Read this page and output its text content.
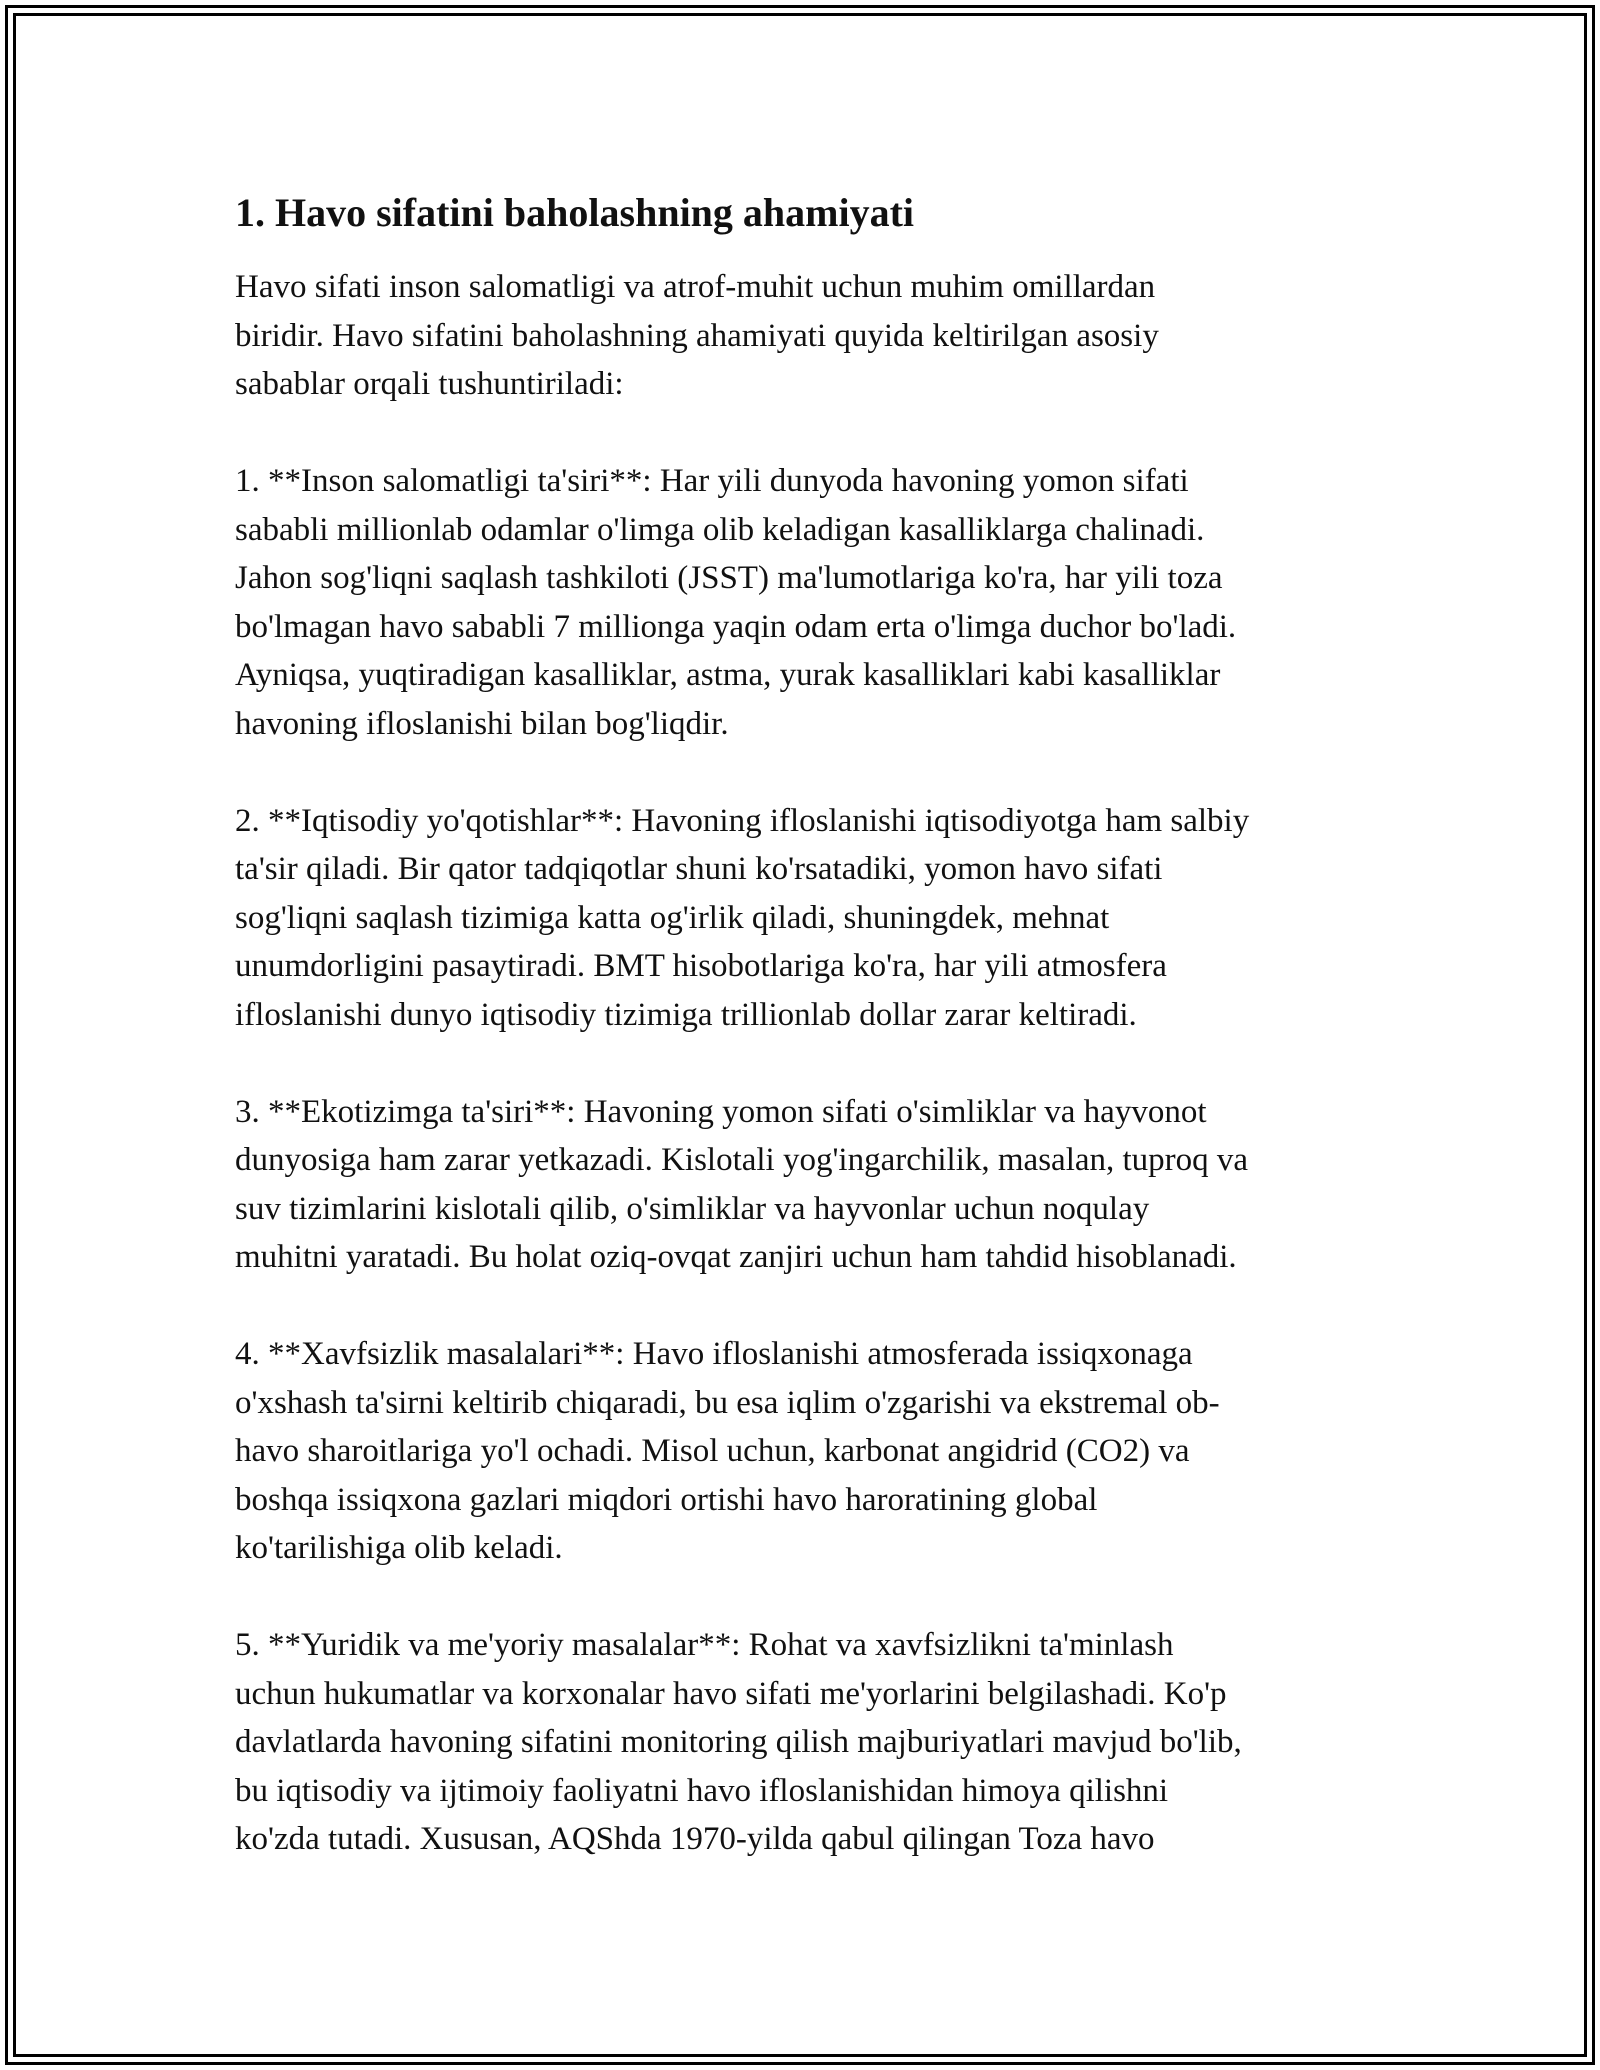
1. Havo sifatini baholashning ahamiyati
Havo sifati inson salomatligi va atrof-muhit uchun muhim omillardan
biridir. Havo sifatini baholashning ahamiyati quyida keltirilgan asosiy
sabablar orqali tushuntiriladi:
1. **Inson salomatligi ta'siri**: Har yili dunyoda havoning yomon sifati
sababli millionlab odamlar o'limga olib keladigan kasalliklarga chalinadi.
Jahon sog'liqni saqlash tashkiloti (JSST) ma'lumotlariga ko'ra, har yili toza
bo'lmagan havo sababli 7 millionga yaqin odam erta o'limga duchor bo'ladi.
Ayniqsa, yuqtiradigan kasalliklar, astma, yurak kasalliklari kabi kasalliklar
havoning ifloslanishi bilan bog'liqdir.
2. **Iqtisodiy yo'qotishlar**: Havoning ifloslanishi iqtisodiyotga ham salbiy
ta'sir qiladi. Bir qator tadqiqotlar shuni ko'rsatadiki, yomon havo sifati
sog'liqni saqlash tizimiga katta og'irlik qiladi, shuningdek, mehnat
unumdorligini pasaytiradi. BMT hisobotlariga ko'ra, har yili atmosfera
ifloslanishi dunyo iqtisodiy tizimiga trillionlab dollar zarar keltiradi.
3. **Ekotizimga ta'siri**: Havoning yomon sifati o'simliklar va hayvonot
dunyosiga ham zarar yetkazadi. Kislotali yog'ingarchilik, masalan, tuproq va
suv tizimlarini kislotali qilib, o'simliklar va hayvonlar uchun noqulay
muhitni yaratadi. Bu holat oziq-ovqat zanjiri uchun ham tahdid hisoblanadi.
4. **Xavfsizlik masalalari**: Havo ifloslanishi atmosferada issiqxonaga
o'xshash ta'sirni keltirib chiqaradi, bu esa iqlim o'zgarishi va ekstremal ob-
havo sharoitlariga yo'l ochadi. Misol uchun, karbonat angidrid (CO2) va
boshqa issiqxona gazlari miqdori ortishi havo haroratining global
ko'tarilishiga olib keladi.
5. **Yuridik va me'yoriy masalalar**: Rohat va xavfsizlikni ta'minlash
uchun hukumatlar va korxonalar havo sifati me'yorlarini belgilashadi. Ko'p
davlatlarda havoning sifatini monitoring qilish majburiyatlari mavjud bo'lib,
bu iqtisodiy va ijtimoiy faoliyatni havo ifloslanishidan himoya qilishni
ko'zda tutadi. Xususan, AQShda 1970-yilda qabul qilingan Toza havo
